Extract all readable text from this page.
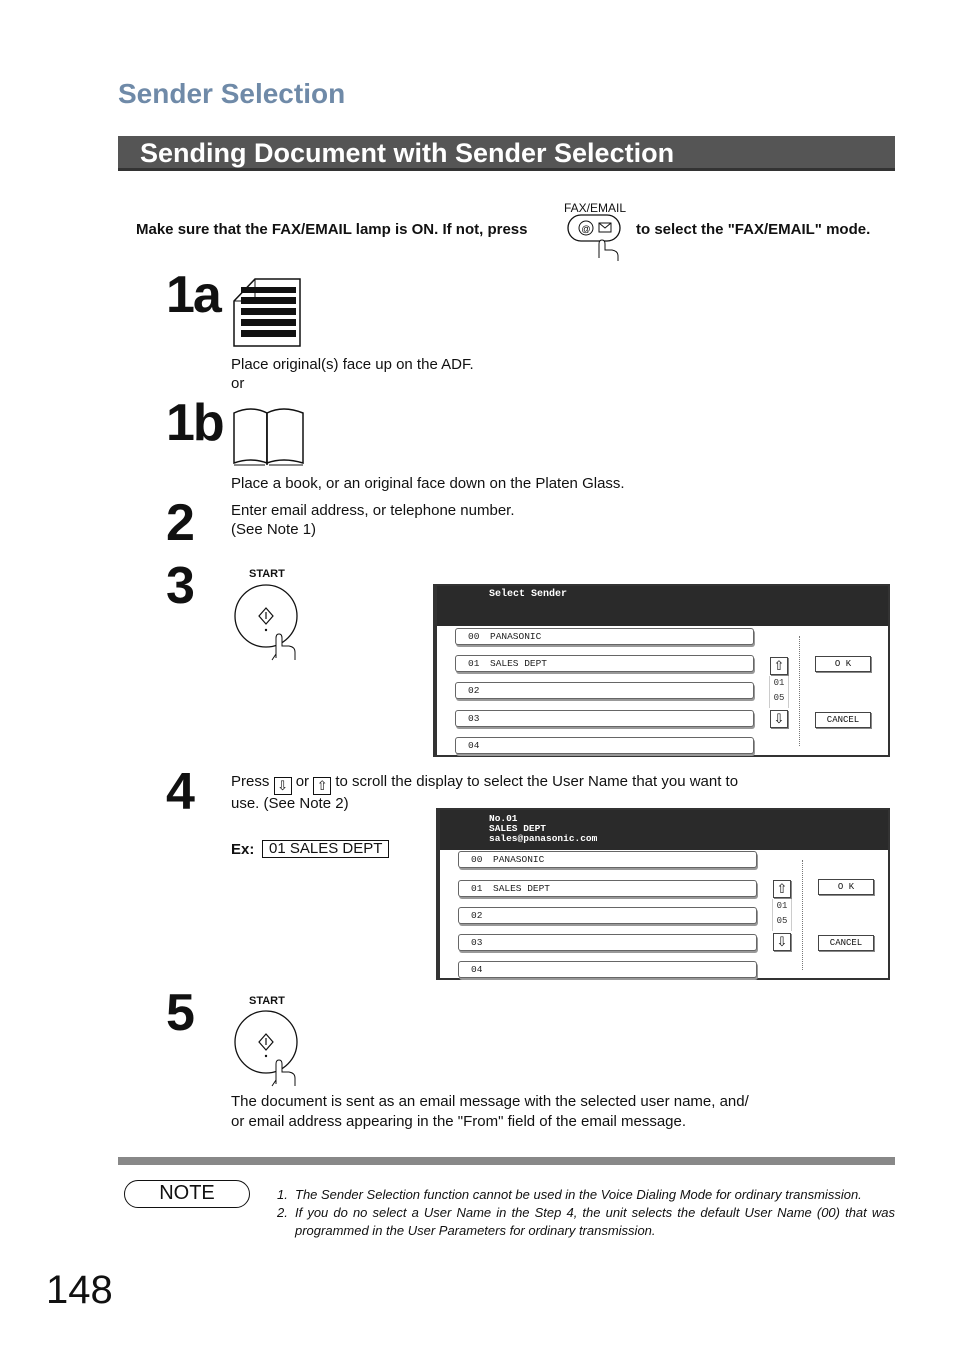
Sender Selection
Sending Document with Sender Selection
Make sure that the FAX/EMAIL lamp is ON. If not, press
FAX/EMAIL
@	to select the "FAX/EMAIL" mode.
1a
Place original(s) face up on the ADF.
or
1b
Place a book, or an original face down on the Platen Glass.
2	Enter email address, or telephone number.
(See Note 1)
3	START
Select Sender
00 PANASONIC
01 SALES DEPT
02
03
04
⇧
01
05
⇩
O K
CANCEL
4	Press ⇩ or ⇧ to scroll the display to select the User Name that you want to
use. (See Note 2)
Ex: 01 SALES DEPT
No.01
SALES DEPT
sales@panasonic.com
00 PANASONIC
01 SALES DEPT
02
03
04
⇧
01
05
⇩
O K
CANCEL
5	START
The document is sent as an email message with the selected user name, and/
or email address appearing in the "From" field of the email message.
NOTE	1. The Sender Selection function cannot be used in the Voice Dialing Mode for ordinary transmission.
2. If you do no select a User Name in the Step 4, the unit selects the default User Name (00) that was programmed in the User Parameters for ordinary transmission.
148
